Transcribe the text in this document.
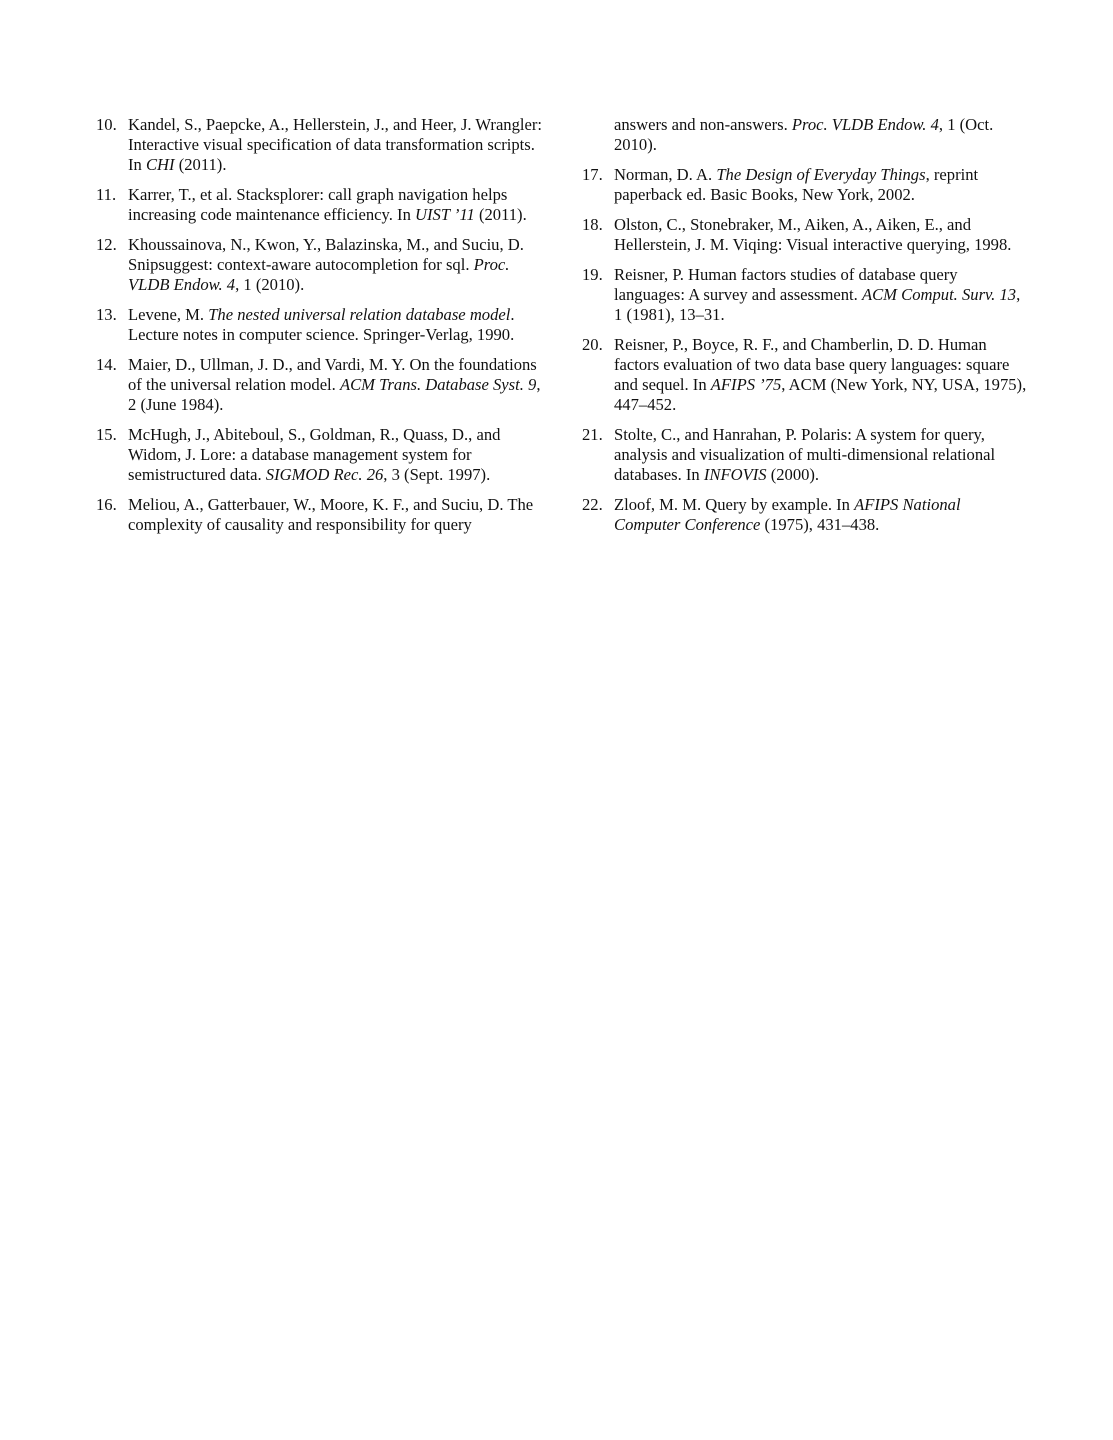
10. Kandel, S., Paepcke, A., Hellerstein, J., and Heer, J. Wrangler: Interactive visual specification of data transformation scripts. In CHI (2011).
11. Karrer, T., et al. Stacksplorer: call graph navigation helps increasing code maintenance efficiency. In UIST ’11 (2011).
12. Khoussainova, N., Kwon, Y., Balazinska, M., and Suciu, D. Snipsuggest: context-aware autocompletion for sql. Proc. VLDB Endow. 4, 1 (2010).
13. Levene, M. The nested universal relation database model. Lecture notes in computer science. Springer-Verlag, 1990.
14. Maier, D., Ullman, J. D., and Vardi, M. Y. On the foundations of the universal relation model. ACM Trans. Database Syst. 9, 2 (June 1984).
15. McHugh, J., Abiteboul, S., Goldman, R., Quass, D., and Widom, J. Lore: a database management system for semistructured data. SIGMOD Rec. 26, 3 (Sept. 1997).
16. Meliou, A., Gatterbauer, W., Moore, K. F., and Suciu, D. The complexity of causality and responsibility for query
answers and non-answers. Proc. VLDB Endow. 4, 1 (Oct. 2010).
17. Norman, D. A. The Design of Everyday Things, reprint paperback ed. Basic Books, New York, 2002.
18. Olston, C., Stonebraker, M., Aiken, A., Aiken, E., and Hellerstein, J. M. Viqing: Visual interactive querying, 1998.
19. Reisner, P. Human factors studies of database query languages: A survey and assessment. ACM Comput. Surv. 13, 1 (1981), 13–31.
20. Reisner, P., Boyce, R. F., and Chamberlin, D. D. Human factors evaluation of two data base query languages: square and sequel. In AFIPS ’75, ACM (New York, NY, USA, 1975), 447–452.
21. Stolte, C., and Hanrahan, P. Polaris: A system for query, analysis and visualization of multi-dimensional relational databases. In INFOVIS (2000).
22. Zloof, M. M. Query by example. In AFIPS National Computer Conference (1975), 431–438.
